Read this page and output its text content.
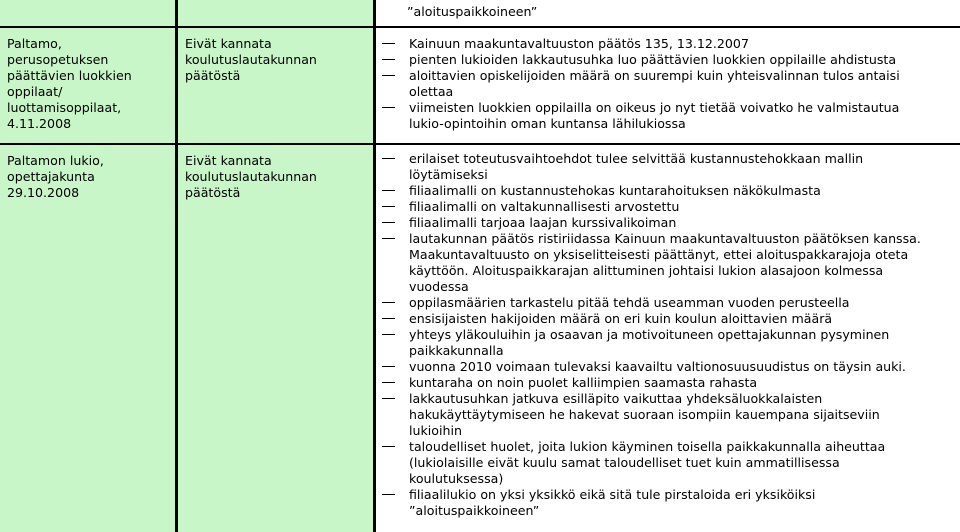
”aloituspaikkoineen”
Paltamo,
perusopetuksen
päättävien luokkien
oppilaat/
luottamisoppilaat,
4.11.2008
Eivät kannata
koulutuslautakunnan
päätöstä
Kainuun maakuntavaltuuston päätös 135, 13.12.2007
pienten lukioiden lakkautusuhka luo päättävien luokkien oppilaille ahdistusta
aloittavien opiskelijoiden määrä on suurempi kuin yhteisvalinnan tulos antaisi
olettaa
viimeisten luokkien oppilailla on oikeus jo nyt tietää voivatko he valmistautua
lukio-opintoihin oman kuntansa lähilukiossa
Paltamon lukio,
opettajakunta
29.10.2008
Eivät kannata
koulutuslautakunnan
päätöstä
erilaiset toteutusvaihtoehdot tulee selvittää kustannustehokkaan mallin
löytämiseksi
filiaalimalli on kustannustehokas kuntarahoituksen näkökulmasta
filiaalimalli on valtakunnallisesti arvostettu
filiaalimalli tarjoaa laajan kurssivalikoiman
lautakunnan päätös ristiriidassa Kainuun maakuntavaltuuston päätöksen kanssa.
Maakuntavaltuusto on yksiselitteisesti päättänyt, ettei aloituspakkarajoja oteta
käyttöön. Aloituspaikkarajan alittuminen johtaisi lukion alasajoon kolmessa
vuodessa
oppilasmäärien tarkastelu pitää tehdä useamman vuoden perusteella
ensisijaisten hakijoiden määrä on eri kuin koulun aloittavien määrä
yhteys yläkouluihin ja osaavan ja motivoituneen opettajakunnan pysyminen
paikkakunnalla
vuonna 2010 voimaan tulevaksi kaavailtu valtionosuusuudistus on täysin auki.
kuntaraha on noin puolet kalliimpien saamasta rahasta
lakkautusuhkan jatkuva esilläpito vaikuttaa yhdeksäluokkalaisten
hakukäyttäytymiseen he hakevat suoraan isompiin kauempana sijaitseviin
lukioihin
taloudelliset huolet, joita lukion käyminen toisella paikkakunnalla aiheuttaa
(lukiolaisille eivät kuulu samat taloudelliset tuet kuin ammatillisessa
koulutuksessa)
filiaalilukio on yksi yksikkö eikä sitä tule pirstaloida eri yksiköiksi
”aloituspaikkoineen”
